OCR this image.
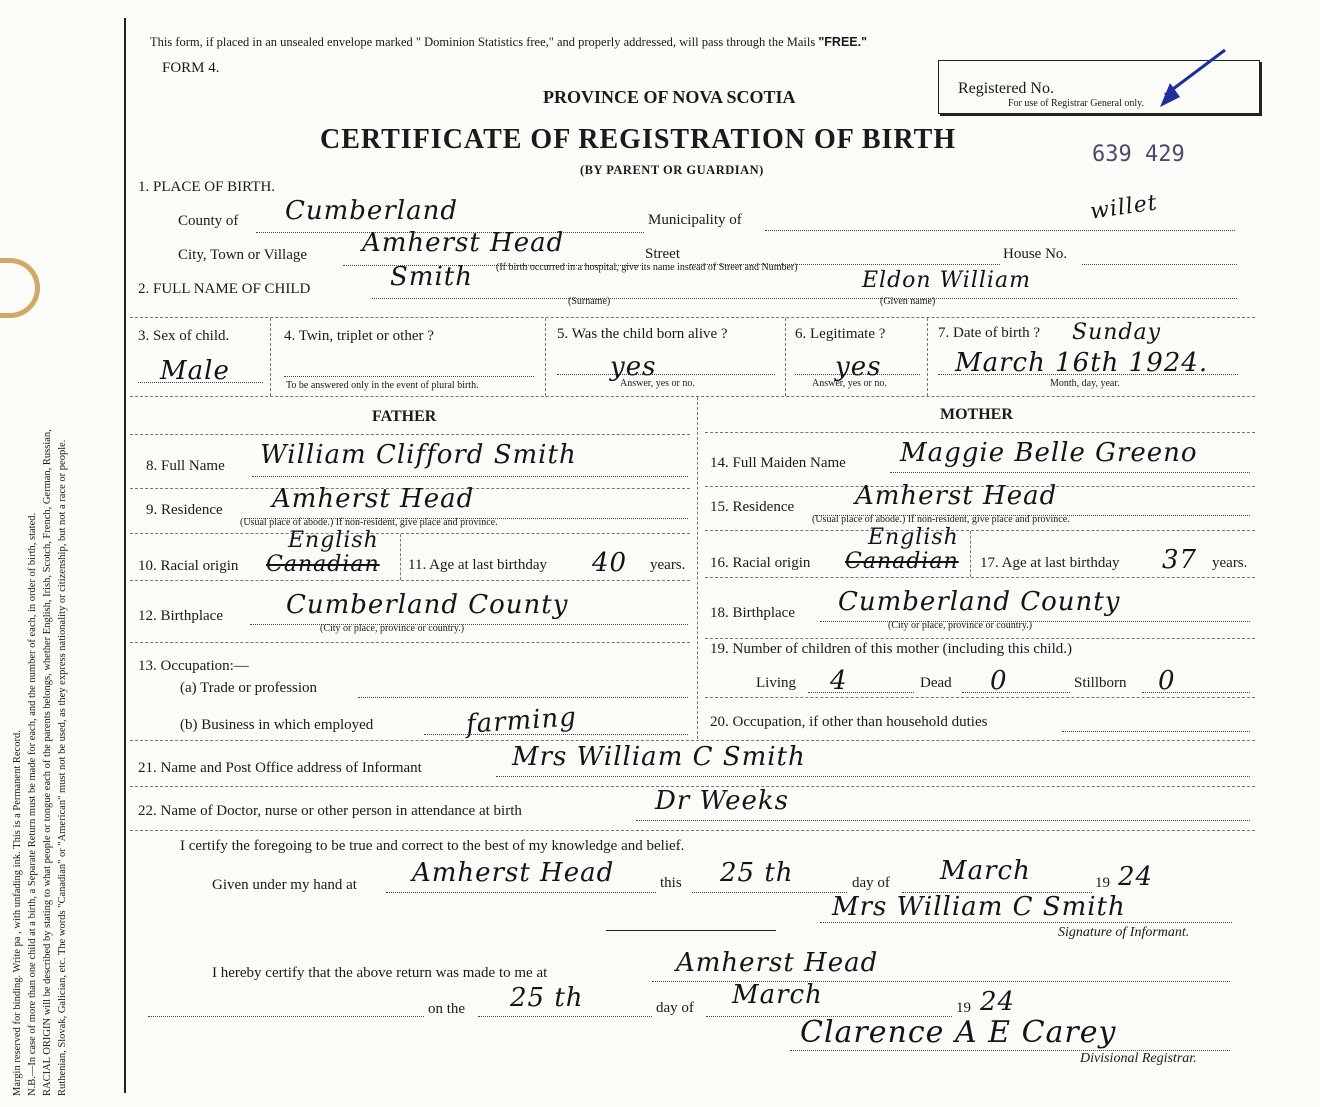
Margin reserved for binding. Write pa , with unfading ink. This is a Permanent Record. N.B.—In case of more than one child at a birth, a Separate Return must be made for each, and the number of each, in order of birth, stated. RACIAL ORIGIN will be described by stating to what people or tongue each of the parents belongs, whether English, Irish, Scotch, French, German, Russian, Ruthenian, Slovak, Galician, etc. The words "Canadian" or "American" must not be used, as they express nationality or citizenship, but not a race or people.
This form, if placed in an unsealed envelope marked " Dominion Statistics free," and properly addressed, will pass through the Mails "FREE."
FORM 4.
PROVINCE OF NOVA SCOTIA
CERTIFICATE OF REGISTRATION OF BIRTH
(BY PARENT OR GUARDIAN)
Registered No.
For use of Registrar General only.
639 429
1. PLACE OF BIRTH.
County of Cumberland	Municipality of	willet
City, Town or Village Amherst Head	Street	House No.
(If birth occurred in a hospital, give its name instead of Street and Number)
2. FULL NAME OF CHILD	Smith
(Surname)
Eldon William
(Given name)
3. Sex of child.
Male
4. Twin, triplet or other ?
To be answered only in the event of plural birth.
5. Was the child born alive ?
yes
Answer, yes or no.
6. Legitimate ?
yes
Answer, yes or no.
7. Date of birth ? Sunday
March 16th 1924.
Month, day, year.
FATHER
8. Full Name William Clifford Smith
9. Residence Amherst Head
(Usual place of abode.) If non-resident, give place and province.
10. Racial origin
English
Canadian 11. Age at last birthday 40 years.
12. Birthplace Cumberland County
(City or place, province or country.)
13. Occupation:—
(a) Trade or profession
(b) Business in which employed	farming
MOTHER
14. Full Maiden Name Maggie Belle Greeno
15. Residence Amherst Head
(Usual place of abode.) If non-resident, give place and province.
16. Racial origin
English
Canadian 17. Age at last birthday 37 years.
18. Birthplace Cumberland County
(City or place, province or country.)
19. Number of children of this mother (including this child.)
Living 4	Dead 0	Stillborn 0
20. Occupation, if other than household duties
21. Name and Post Office address of Informant	Mrs William C Smith
22. Name of Doctor, nurse or other person in attendance at birth	Dr Weeks
I certify the foregoing to be true and correct to the best of my knowledge and belief.
Given under my hand at Amherst Head	this 25 th	day of March	19 24
Mrs William C Smith
Signature of Informant.
I hereby certify that the above return was made to me at	Amherst Head
on the 25 th	day of March	19 24
Clarence A E Carey
Divisional Registrar.
